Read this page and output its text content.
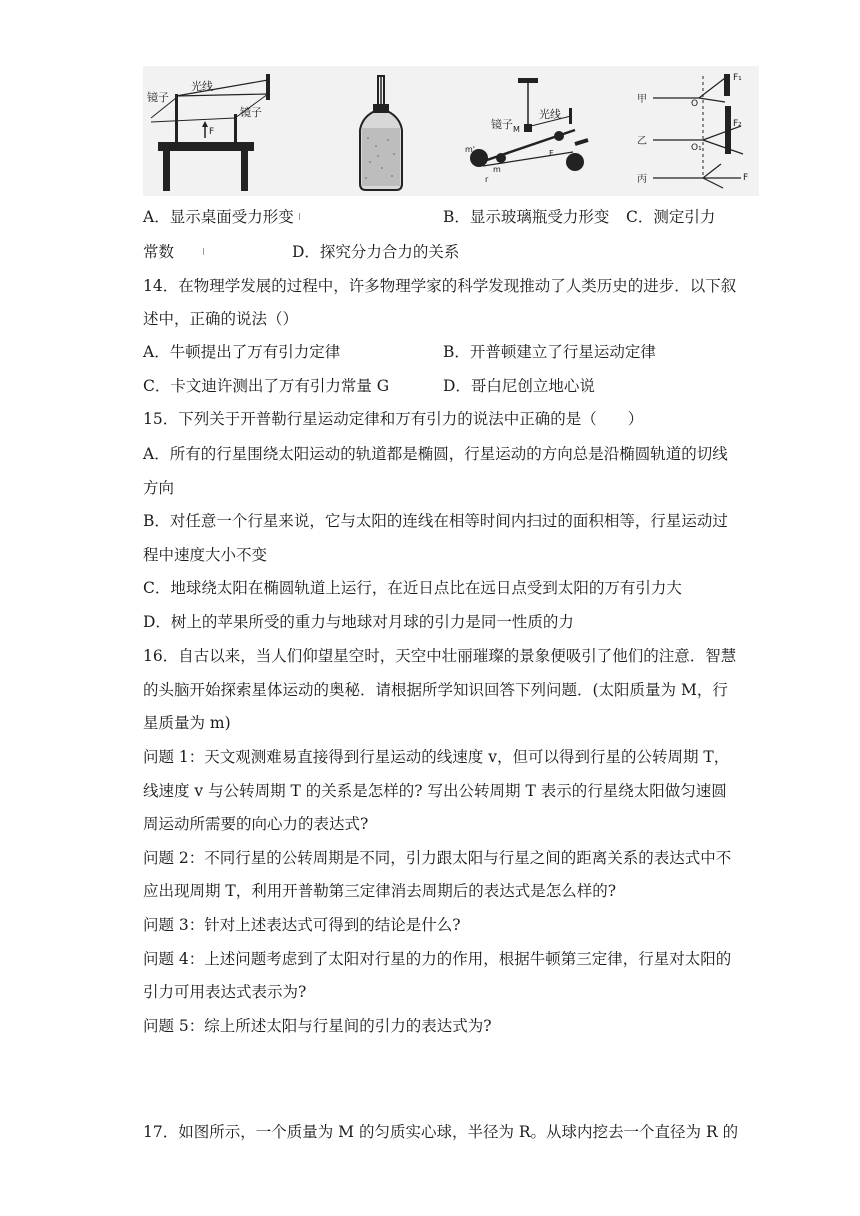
光线
镜子
镜子
F
镜子
光线
M
m
m'	F
r
甲
乙
丙
O
O₁
F₁
F₂
F
A．显示桌面受力形变	B．显示玻璃瓶受力形变 C．测定引力
常数	D．探究分力合力的关系
14．在物理学发展的过程中，许多物理学家的科学发现推动了人类历史的进步．以下叙
述中，正确的说法（）
A．牛顿提出了万有引力定律	B．开普顿建立了行星运动定律
C．卡文迪许测出了万有引力常量 G	D．哥白尼创立地心说
15．下列关于开普勒行星运动定律和万有引力的说法中正确的是（　　）
A．所有的行星围绕太阳运动的轨道都是椭圆，行星运动的方向总是沿椭圆轨道的切线
方向
B．对任意一个行星来说，它与太阳的连线在相等时间内扫过的面积相等，行星运动过
程中速度大小不变
C．地球绕太阳在椭圆轨道上运行，在近日点比在远日点受到太阳的万有引力大
D．树上的苹果所受的重力与地球对月球的引力是同一性质的力
16．自古以来，当人们仰望星空时，天空中壮丽璀璨的景象便吸引了他们的注意．智慧
的头脑开始探索星体运动的奥秘．请根据所学知识回答下列问题．(太阳质量为 M，行
星质量为 m)
问题 1：天文观测难易直接得到行星运动的线速度 v，但可以得到行星的公转周期 T，
线速度 v 与公转周期 T 的关系是怎样的? 写出公转周期 T 表示的行星绕太阳做匀速圆
周运动所需要的向心力的表达式?
问题 2：不同行星的公转周期是不同，引力跟太阳与行星之间的距离关系的表达式中不
应出现周期 T，利用开普勒第三定律消去周期后的表达式是怎么样的?
问题 3：针对上述表达式可得到的结论是什么?
问题 4：上述问题考虑到了太阳对行星的力的作用，根据牛顿第三定律，行星对太阳的
引力可用表达式表示为?
问题 5：综上所述太阳与行星间的引力的表达式为?
17．如图所示，一个质量为 M 的匀质实心球，半径为 R。从球内挖去一个直径为 R 的
